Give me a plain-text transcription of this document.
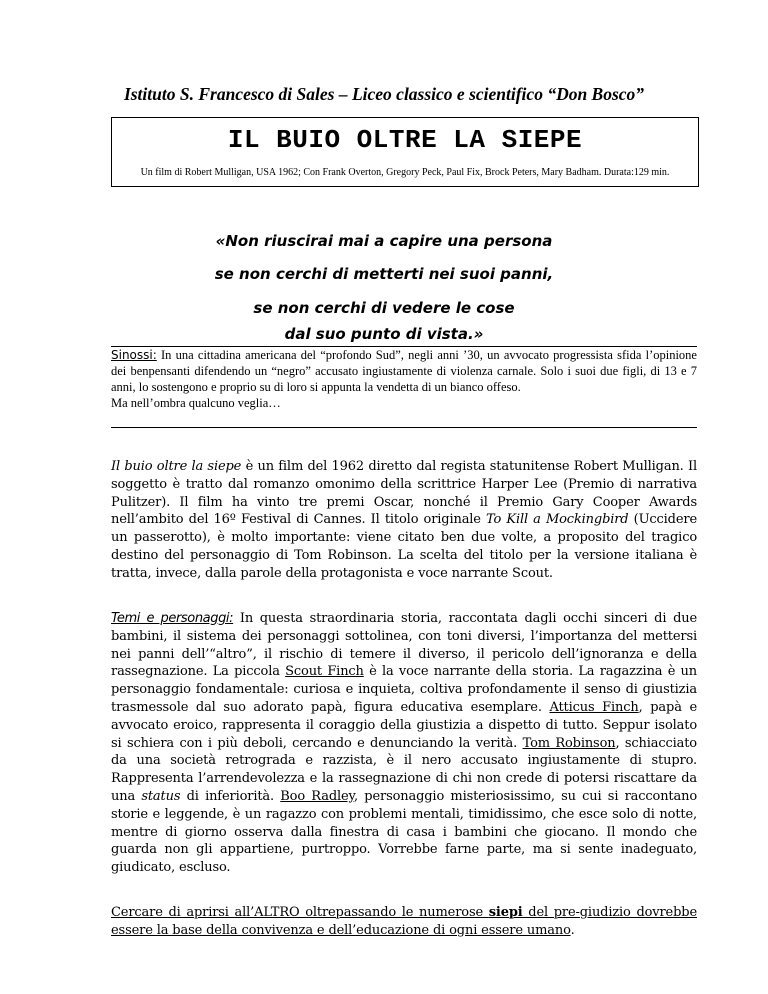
Istituto S. Francesco di Sales – Liceo classico e scientifico “Don Bosco”
IL BUIO OLTRE LA SIEPE
Un film di Robert Mulligan, USA 1962; Con Frank Overton, Gregory Peck, Paul Fix, Brock Peters, Mary Badham. Durata:129 min.
«Non riuscirai mai a capire una persona
se non cerchi di metterti nei suoi panni,
se non cerchi di vedere le cose
dal suo punto di vista.»
Sinossi: In una cittadina americana del “profondo Sud”, negli anni ’30, un avvocato progressista sfida l’opinione dei benpensanti difendendo un “negro” accusato ingiustamente di violenza carnale. Solo i suoi due figli, di 13 e 7 anni, lo sostengono e proprio su di loro si appunta la vendetta di un bianco offeso.
Ma nell’ombra qualcuno veglia…
Il buio oltre la siepe è un film del 1962 diretto dal regista statunitense Robert Mulligan. Il soggetto è tratto dal romanzo omonimo della scrittrice Harper Lee (Premio di narrativa Pulitzer). Il film ha vinto tre premi Oscar, nonché il Premio Gary Cooper Awards nell’ambito del 16º Festival di Cannes. Il titolo originale To Kill a Mockingbird (Uccidere un passerotto), è molto importante: viene citato ben due volte, a proposito del tragico destino del personaggio di Tom Robinson. La scelta del titolo per la versione italiana è tratta, invece, dalla parole della protagonista e voce narrante Scout.
Temi e personaggi: In questa straordinaria storia, raccontata dagli occhi sinceri di due bambini, il sistema dei personaggi sottolinea, con toni diversi, l’importanza del mettersi nei panni dell’“altro”, il rischio di temere il diverso, il pericolo dell’ignoranza e della rassegnazione. La piccola Scout Finch è la voce narrante della storia. La ragazzina è un personaggio fondamentale: curiosa e inquieta, coltiva profondamente il senso di giustizia trasmessole dal suo adorato papà, figura educativa esemplare. Atticus Finch, papà e avvocato eroico, rappresenta il coraggio della giustizia a dispetto di tutto. Seppur isolato si schiera con i più deboli, cercando e denunciando la verità. Tom Robinson, schiacciato da una società retrograda e razzista, è il nero accusato ingiustamente di stupro. Rappresenta l’arrendevolezza e la rassegnazione di chi non crede di potersi riscattare da una status di inferiorità. Boo Radley, personaggio misteriosissimo, su cui si raccontano storie e leggende, è un ragazzo con problemi mentali, timidissimo, che esce solo di notte, mentre di giorno osserva dalla finestra di casa i bambini che giocano. Il mondo che guarda non gli appartiene, purtroppo. Vorrebbe farne parte, ma si sente inadeguato, giudicato, escluso.
Cercare di aprirsi all’ALTRO oltrepassando le numerose siepi del pre-giudizio dovrebbe essere la base della convivenza e dell’educazione di ogni essere umano.
